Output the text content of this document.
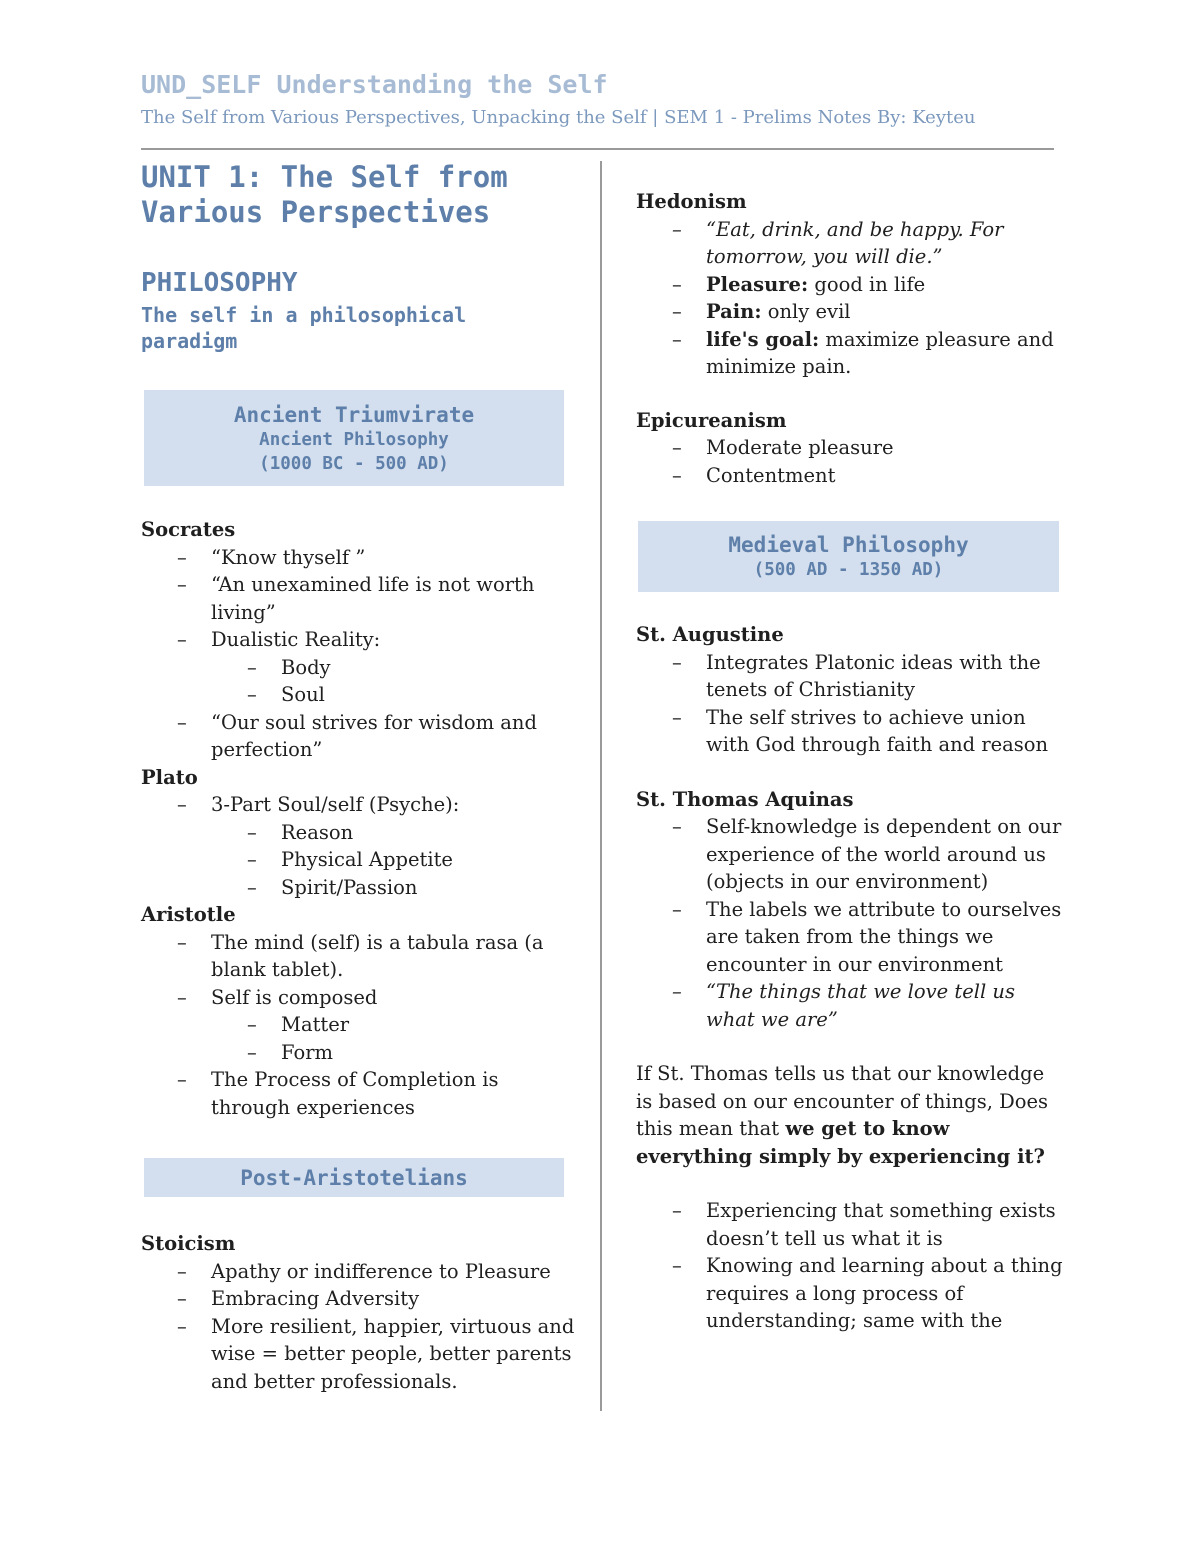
UND_SELF Understanding the Self
The Self from Various Perspectives, Unpacking the Self | SEM 1 - Prelims Notes By: Keyteu
UNIT 1: The Self from
Various Perspectives
PHILOSOPHY
The self in a philosophical
paradigm
Ancient Triumvirate
Ancient Philosophy
(1000 BC - 500 AD)
Socrates
– “Know thyself ”
– “An unexamined life is not worth living”
– Dualistic Reality:
– Body
– Soul
– “Our soul strives for wisdom and perfection”
Plato
– 3-Part Soul/self (Psyche):
– Reason
– Physical Appetite
– Spirit/Passion
Aristotle
– The mind (self) is a tabula rasa (a blank tablet).
– Self is composed
– Matter
– Form
– The Process of Completion is through experiences
Post-Aristotelians
Stoicism
– Apathy or indifference to Pleasure
– Embracing Adversity
– More resilient, happier, virtuous and wise = better people, better parents and better professionals.
Hedonism
– “Eat, drink, and be happy. For tomorrow, you will die.”
– Pleasure: good in life
– Pain: only evil
– life's goal: maximize pleasure and minimize pain.
Epicureanism
– Moderate pleasure
– Contentment
Medieval Philosophy
(500 AD - 1350 AD)
St. Augustine
– Integrates Platonic ideas with the tenets of Christianity
– The self strives to achieve union with God through faith and reason
St. Thomas Aquinas
– Self-knowledge is dependent on our experience of the world around us (objects in our environment)
– The labels we attribute to ourselves are taken from the things we encounter in our environment
– “The things that we love tell us what we are”

If St. Thomas tells us that our knowledge is based on our encounter of things, Does this mean that we get to know everything simply by experiencing it?

– Experiencing that something exists doesn’t tell us what it is
– Knowing and learning about a thing requires a long process of understanding; same with the
